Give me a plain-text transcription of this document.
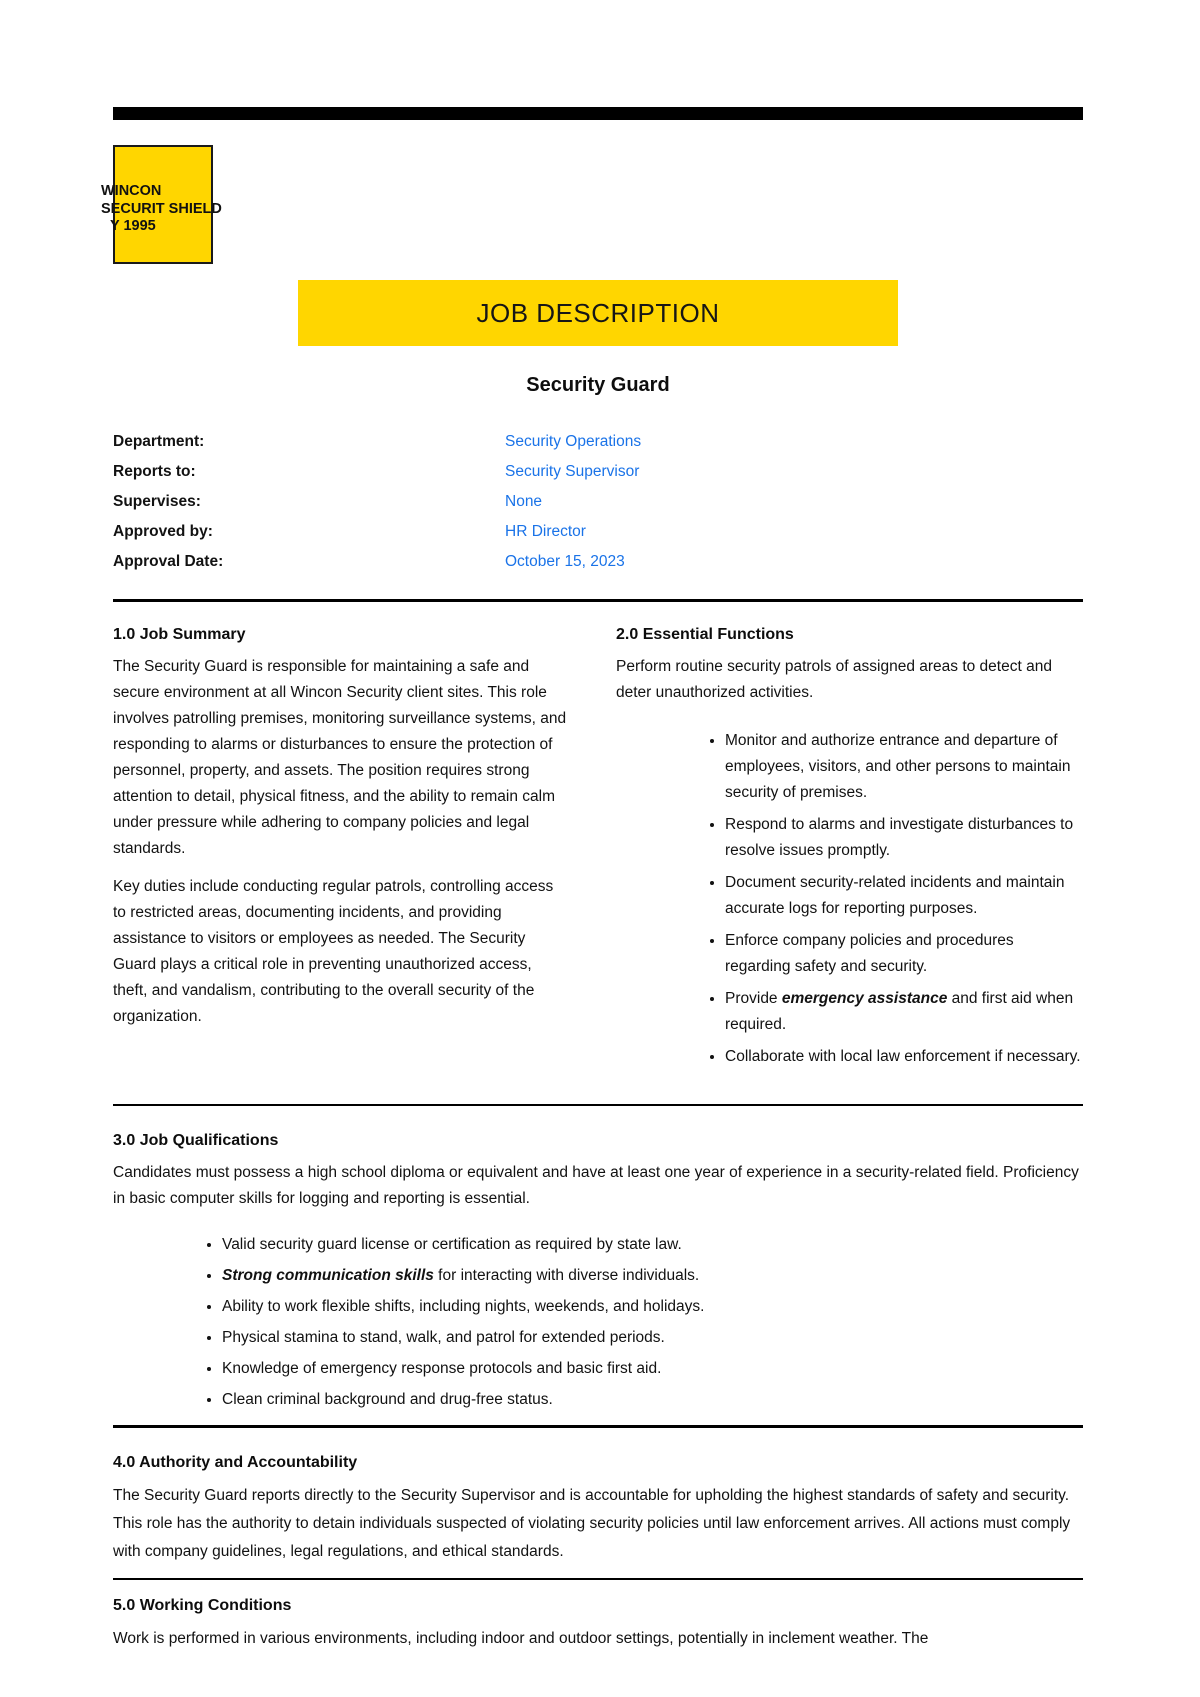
WINCON
SECURIT SHIELD
Y 1995
JOB DESCRIPTION
Security Guard
Department:	Security Operations
Reports to:	Security Supervisor
Supervises:	None
Approved by:	HR Director
Approval Date:	October 15, 2023
1.0 Job Summary

The Security Guard is responsible for maintaining a safe and secure environment at all Wincon Security client sites. This role involves patrolling premises, monitoring surveillance systems, and responding to alarms or disturbances to ensure the protection of personnel, property, and assets. The position requires strong attention to detail, physical fitness, and the ability to remain calm under pressure while adhering to company policies and legal standards.

Key duties include conducting regular patrols, controlling access to restricted areas, documenting incidents, and providing assistance to visitors or employees as needed. The Security Guard plays a critical role in preventing unauthorized access, theft, and vandalism, contributing to the overall security of the organization.

2.0 Essential Functions

Perform routine security patrols of assigned areas to detect and deter unauthorized activities.

• Monitor and authorize entrance and departure of employees, visitors, and other persons to maintain security of premises.
• Respond to alarms and investigate disturbances to resolve issues promptly.
• Document security-related incidents and maintain accurate logs for reporting purposes.
• Enforce company policies and procedures regarding safety and security.
• Provide emergency assistance and first aid when required.
• Collaborate with local law enforcement if necessary.
3.0 Job Qualifications

Candidates must possess a high school diploma or equivalent and have at least one year of experience in a security-related field. Proficiency in basic computer skills for logging and reporting is essential.

• Valid security guard license or certification as required by state law.
• Strong communication skills for interacting with diverse individuals.
• Ability to work flexible shifts, including nights, weekends, and holidays.
• Physical stamina to stand, walk, and patrol for extended periods.
• Knowledge of emergency response protocols and basic first aid.
• Clean criminal background and drug-free status.
4.0 Authority and Accountability

The Security Guard reports directly to the Security Supervisor and is accountable for upholding the highest standards of safety and security. This role has the authority to detain individuals suspected of violating security policies until law enforcement arrives. All actions must comply with company guidelines, legal regulations, and ethical standards.

5.0 Working Conditions

Work is performed in various environments, including indoor and outdoor settings, potentially in inclement weather. The
